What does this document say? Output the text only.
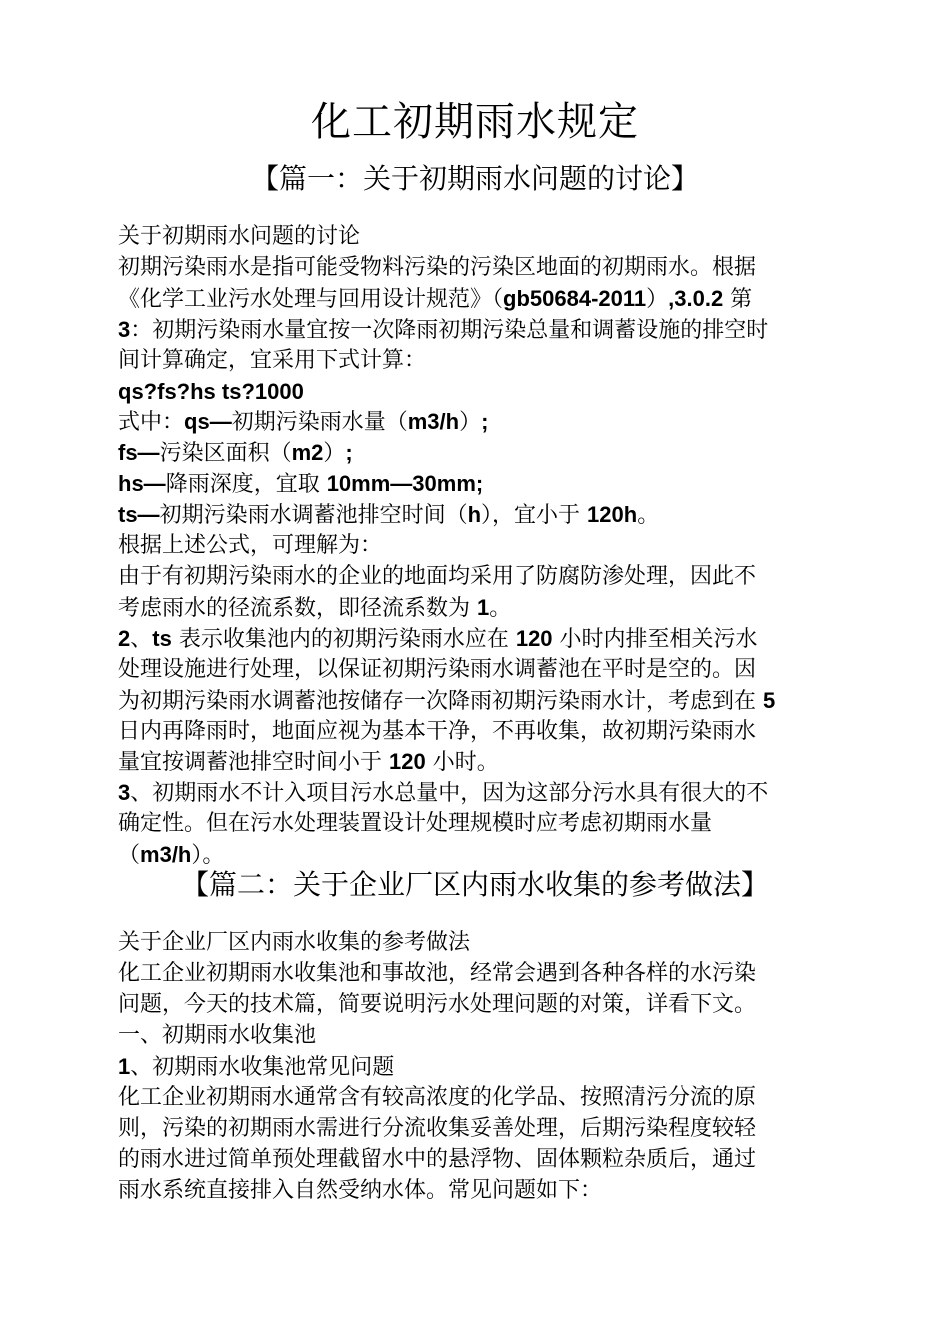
化工初期雨水规定
【篇一：关于初期雨水问题的讨论】
关于初期雨水问题的讨论
初期污染雨水是指可能受物料污染的污染区地面的初期雨水。根据
《化学工业污水处理与回用设计规范》（gb50684-2011）,3.0.2 第
3：初期污染雨水量宜按一次降雨初期污染总量和调蓄设施的排空时
间计算确定，宜采用下式计算：
qs?fs?hs ts?1000
式中：qs—初期污染雨水量（m3/h）;
fs—污染区面积（m2）;
hs—降雨深度，宜取 10mm—30mm;
ts—初期污染雨水调蓄池排空时间（h），宜小于 120h。
根据上述公式，可理解为：
由于有初期污染雨水的企业的地面均采用了防腐防渗处理，因此不
考虑雨水的径流系数，即径流系数为 1。
2、ts 表示收集池内的初期污染雨水应在 120 小时内排至相关污水
处理设施进行处理，以保证初期污染雨水调蓄池在平时是空的。因
为初期污染雨水调蓄池按储存一次降雨初期污染雨水计，考虑到在 5
日内再降雨时，地面应视为基本干净，不再收集，故初期污染雨水
量宜按调蓄池排空时间小于 120 小时。
3、初期雨水不计入项目污水总量中，因为这部分污水具有很大的不
确定性。但在污水处理装置设计处理规模时应考虑初期雨水量
（m3/h）。
【篇二：关于企业厂区内雨水收集的参考做法】
关于企业厂区内雨水收集的参考做法
化工企业初期雨水收集池和事故池，经常会遇到各种各样的水污染
问题，今天的技术篇，简要说明污水处理问题的对策，详看下文。
一、初期雨水收集池
1、初期雨水收集池常见问题
化工企业初期雨水通常含有较高浓度的化学品、按照清污分流的原
则，污染的初期雨水需进行分流收集妥善处理，后期污染程度较轻
的雨水进过简单预处理截留水中的悬浮物、固体颗粒杂质后，通过
雨水系统直接排入自然受纳水体。常见问题如下：
